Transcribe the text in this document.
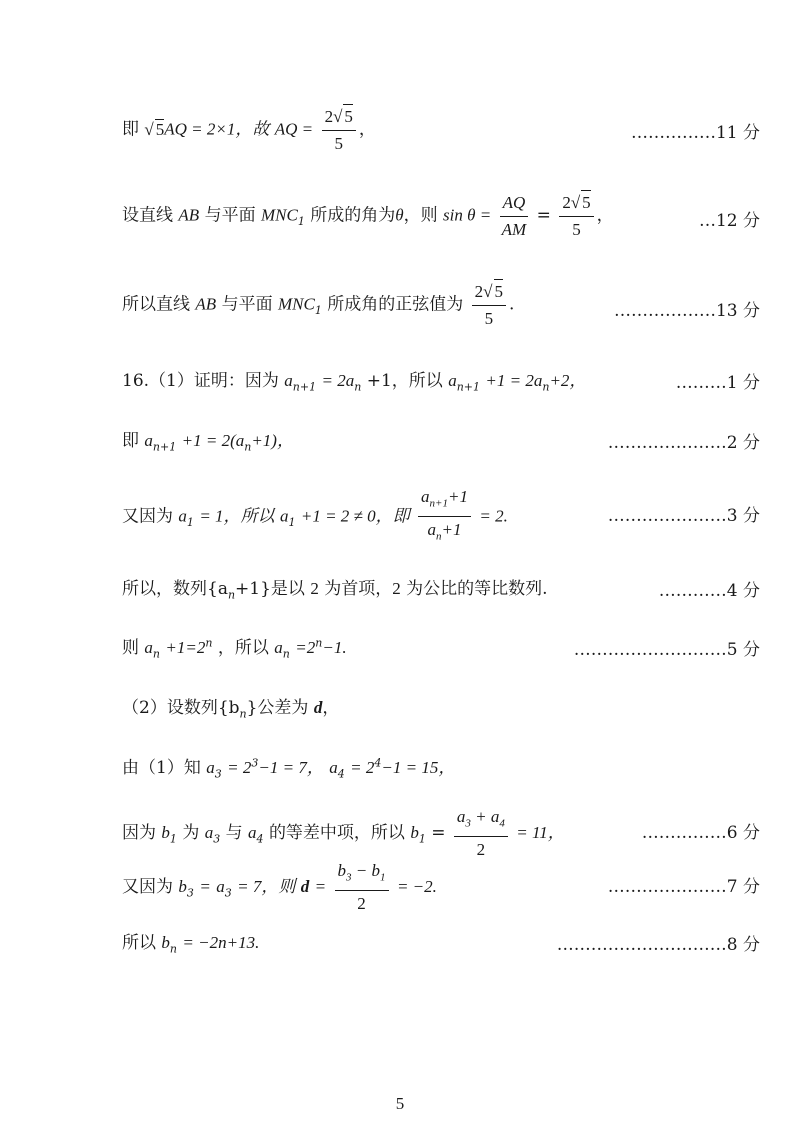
即 √ 5AQ = 2×1，故 AQ = $\frac{2√ 5}{5}$ ，	……………11 分
设直线 AB 与平面 $MNC_1$ 所成的角为θ，则 $\sin \theta = \frac{AQ}{AM} = \frac{2√ 5}{5}$ ，	…12 分
所以直线 AB 与平面 $MNC_1$ 所成角的正弦值为 $\frac{2√ 5}{5}$ .	………………13 分
16.（1）证明：因为 $a_{n+1} = 2a_n +1$，所以 $a_{n+1} +1 = 2a_n+2$，	………1 分
即 $a_{n+1} +1 = 2(a_n+1)$，	…………………2 分
又因为 $a_1 = 1$，所以 $a_1 +1 = 2 \ne 0$，即 $\frac{a_{n+1}+1}{a_n+1} = 2$.	…………………3 分
所以，数列$\{a_n+1\}$是以 2 为首项，2 为公比的等比数列.	…………4 分
则 $a_n +1=2^n$ ，所以 $a_n =2^n-1$.	………………………5 分
（2）设数列$\{b_n\}$公差为 d，
由（1）知 $a_3 = 2^3-1 = 7$， $a_4 = 2^4-1 = 15$，
因为 $b_1$ 为 $a_3$ 与 $a_4$ 的等差中项，所以 $b_1 = \frac{a_3 + a_4}{2} = 11$，	……………6 分
又因为 $b_3 = a_3 = 7$，则 $d = \frac{b_3 - b_1}{2} = -2$.	…………………7 分
所以 $b_n = -2n+13$.	…………………………8 分
5
